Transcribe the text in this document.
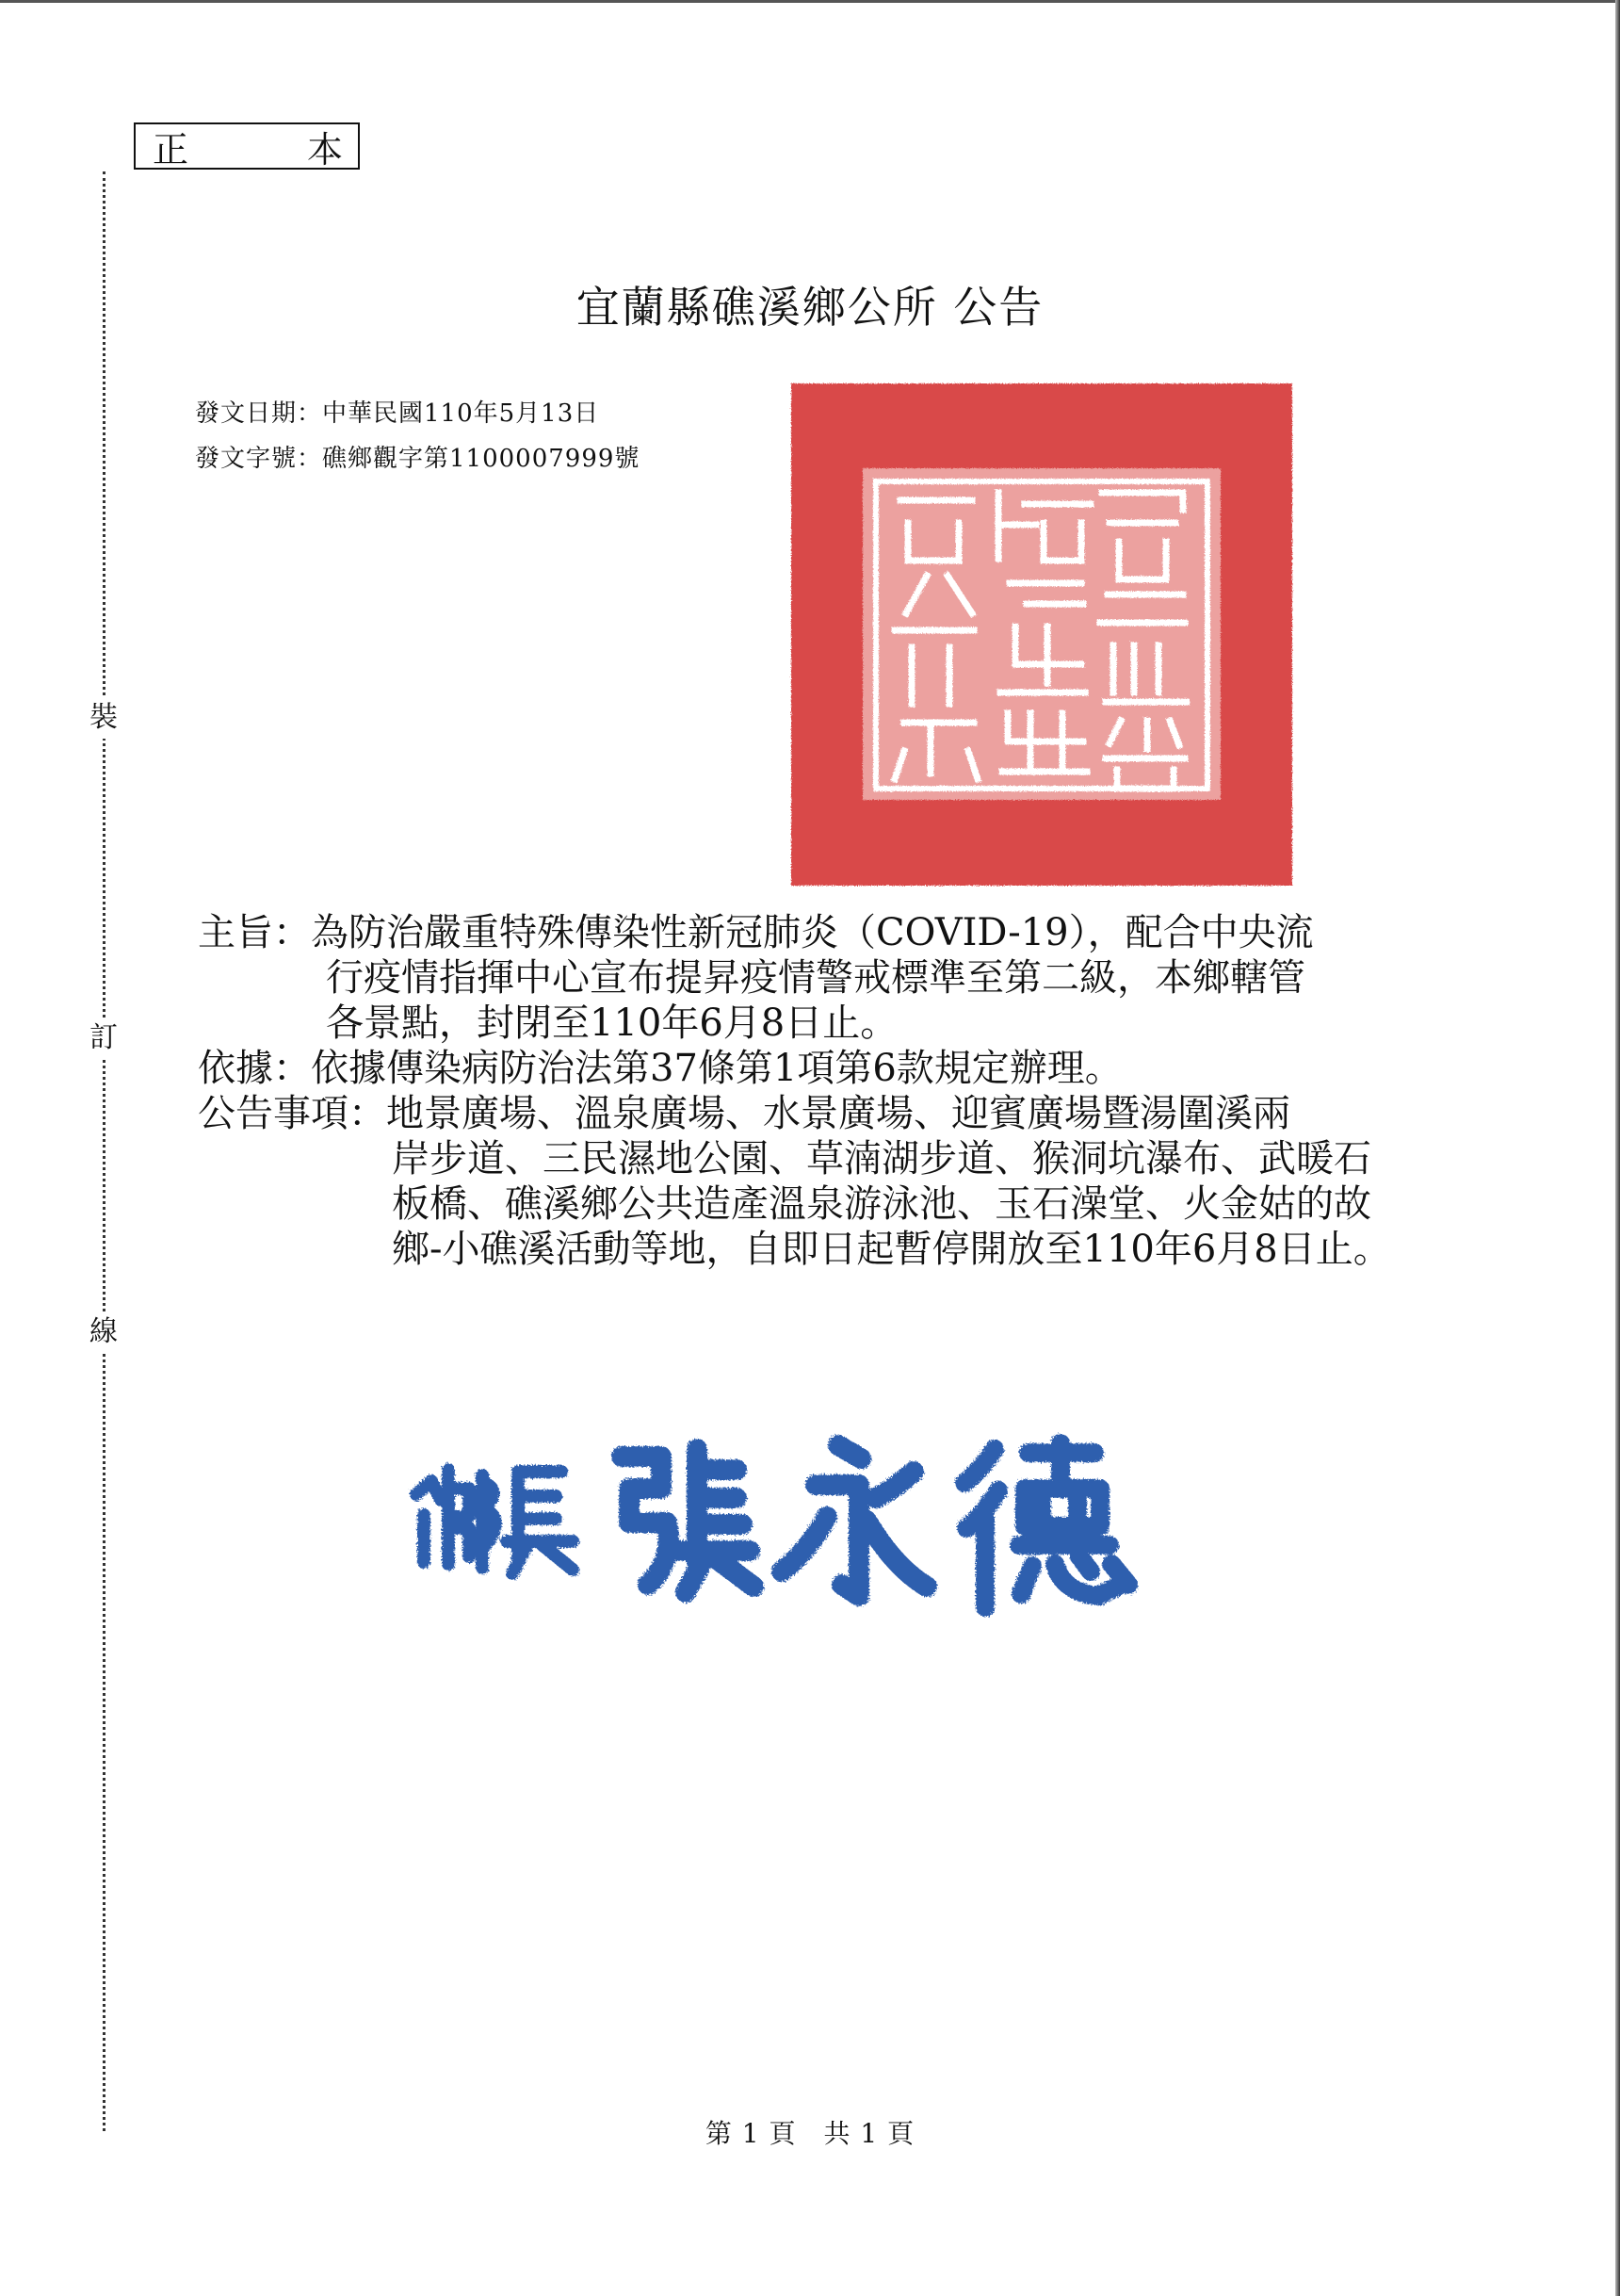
正	本
裝
訂
線
宜蘭縣礁溪鄉公所 公告
發文日期：中華民國110年5月13日
發文字號：礁鄉觀字第1100007999號

主旨：為防治嚴重特殊傳染性新冠肺炎（COVID-19），配合中央流

行疫情指揮中心宣布提昇疫情警戒標準至第二級，本鄉轄管

各景點，封閉至110年6月8日止。

依據：依據傳染病防治法第37條第1項第6款規定辦理。

公告事項：地景廣場、溫泉廣場、水景廣場、迎賓廣場暨湯圍溪兩

岸步道、三民濕地公園、草湳湖步道、猴洞坑瀑布、武暖石

板橋、礁溪鄉公共造產溫泉游泳池、玉石澡堂、火金姑的故

鄉-小礁溪活動等地，自即日起暫停開放至110年6月8日止。

第 1 頁　共 1 頁
